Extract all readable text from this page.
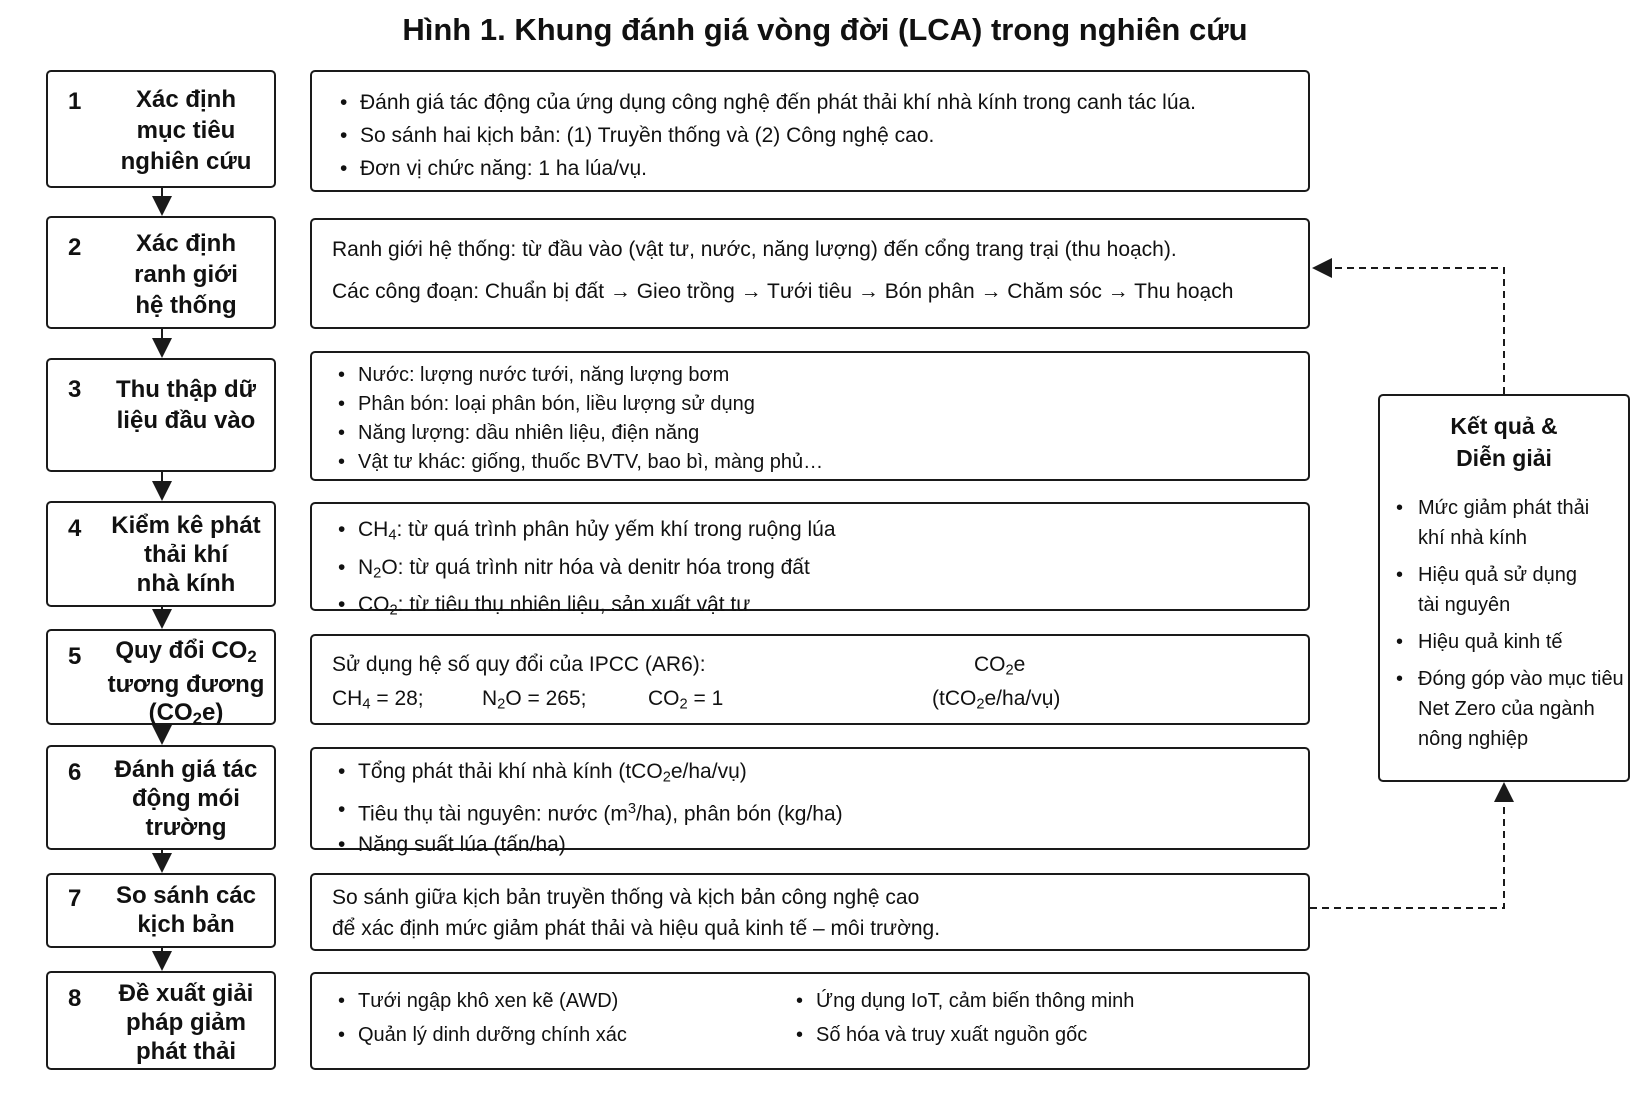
Hình 1. Khung đánh giá vòng đời (LCA) trong nghiên cứu
1	Xác định
mục tiêu
nghiên cứu
2	Xác định
ranh giới
hệ thống
3	Thu thập dữ
liệu đầu vào
4 Kiểm kê phát
thải khí
nhà kính
5	Quy đổi $CO_2$
tương đương
$(CO_2e)$
6	Đánh giá tác
động mói
trường
7	So sánh các
kịch bản
8	Đề xuất giải
pháp giảm
phát thải
• Đánh giá tác động của ứng dụng công nghệ đến phát thải khí nhà kính trong canh tác lúa.
• So sánh hai kịch bản: (1) Truyền thống và (2) Công nghệ cao.
• Đơn vị chức năng: 1 ha lúa/vụ.

Ranh giới hệ thống: từ đầu vào (vật tư, nước, năng lượng) đến cổng trang trại (thu hoạch).

Các công đoạn: Chuẩn bị đất → Gieo trồng → Tưới tiêu → Bón phân → Chăm sóc → Thu hoạch

• Nước: lượng nước tưới, năng lượng bơm
• Phân bón: loại phân bón, liều lượng sử dụng
• Năng lượng: dầu nhiên liệu, điện năng
• Vật tư khác: giống, thuốc BVTV, bao bì, màng phủ…
• $CH_4$: từ quá trình phân hủy yếm khí trong ruộng lúa
• $N_2O$: từ quá trình nitr hóa và denitr hóa trong đất
• $CO_2$: từ tiêu thụ nhiên liệu, sản xuất vật tư
Sử dụng hệ số quy đổi của IPCC (AR6):
$CH_4 = 28$;	$N_2O = 265$;	$CO_2 = 1$
$CO_2e$
(tCO$_2$e/ha/vụ)
• Tổng phát thải khí nhà kính (tCO$_2$e/ha/vụ)
• Tiêu thụ tài nguyên: nước $(m^3/ha)$, phân bón (kg/ha)
• Năng suất lúa (tấn/ha)

So sánh giữa kịch bản truyền thống và kịch bản công nghệ cao
để xác định mức giảm phát thải và hiệu quả kinh tế – môi trường.

• Tưới ngập khô xen kẽ (AWD)
• Quản lý dinh dưỡng chính xác
• Ứng dụng IoT, cảm biến thông minh
• Số hóa và truy xuất nguồn gốc
Kết quả &
Diễn giải
• Mức giảm phát thải
khí nhà kính
• Hiệu quả sử dụng
tài nguyên
• Hiệu quả kinh tế
• Đóng góp vào mục tiêu
Net Zero của ngành
nông nghiệp
